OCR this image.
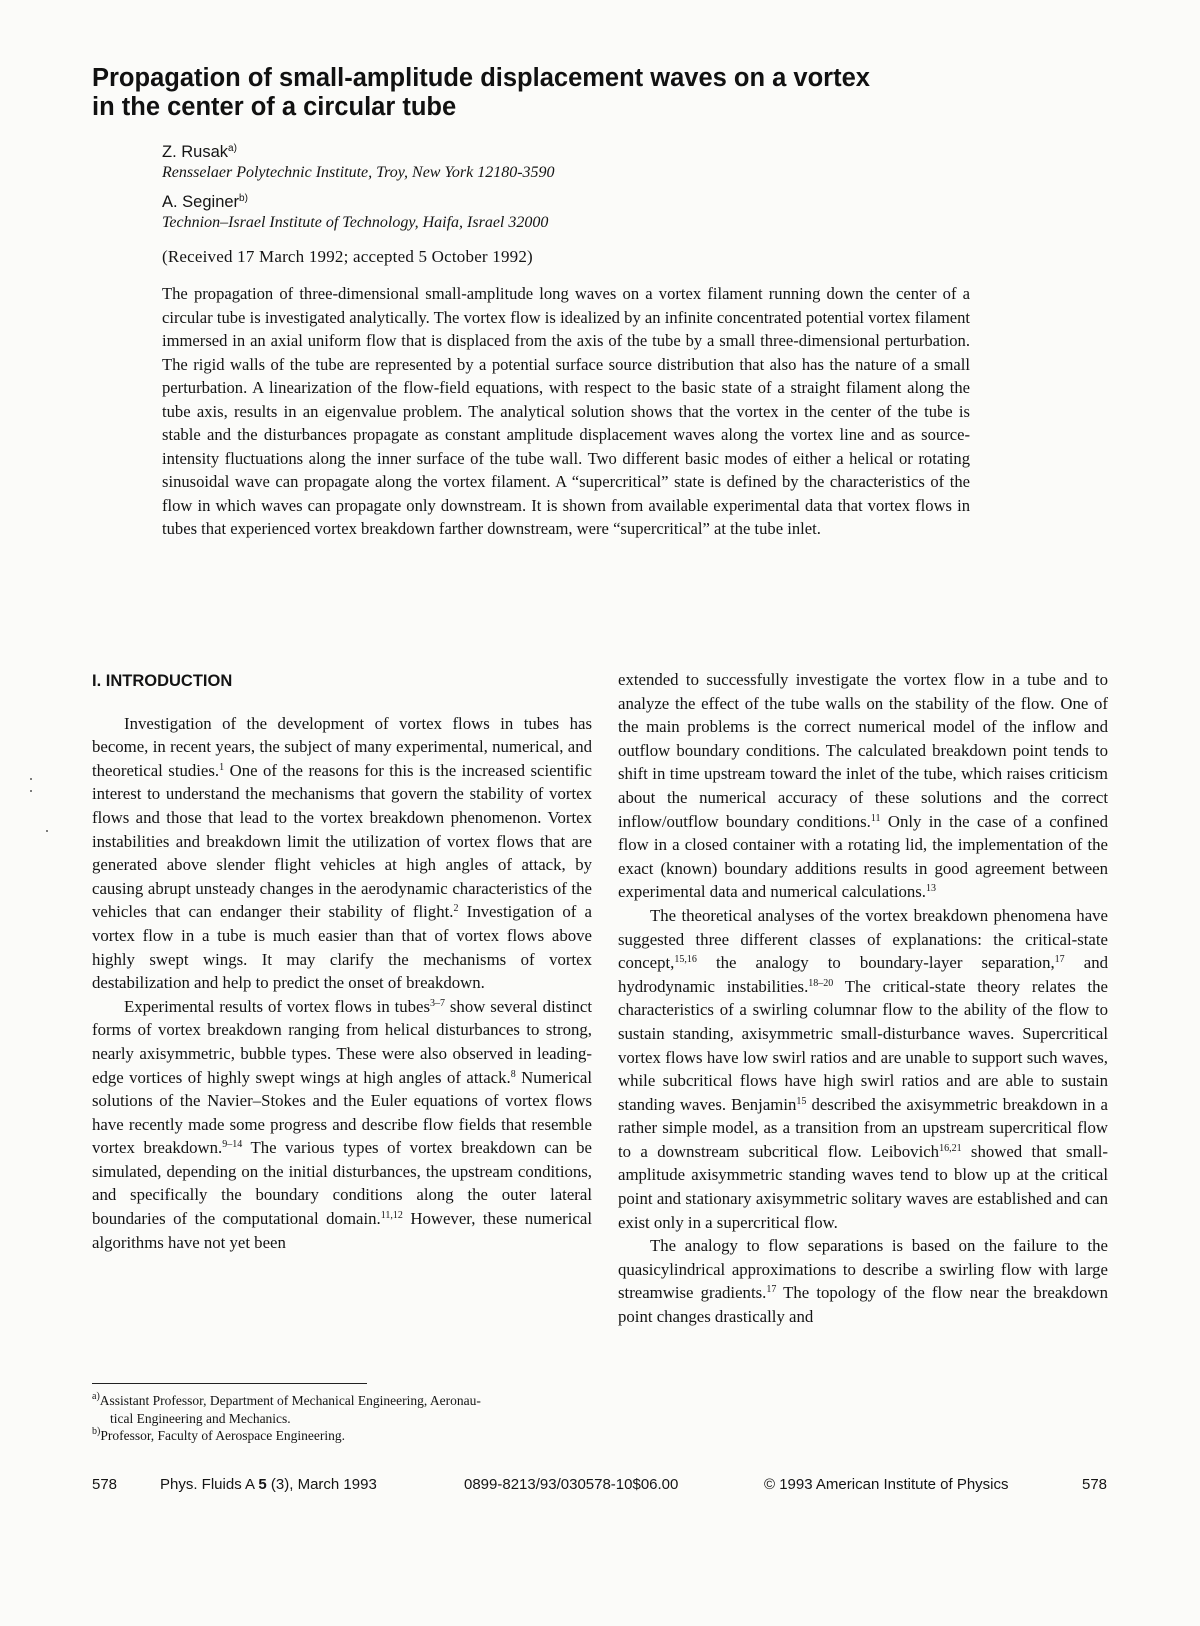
Propagation of small-amplitude displacement waves on a vortex
in the center of a circular tube
Z. Rusak$^{a)}$
Rensselaer Polytechnic Institute, Troy, New York 12180-3590
A. Seginer$^{b)}$
Technion–Israel Institute of Technology, Haifa, Israel 32000
(Received 17 March 1992; accepted 5 October 1992)
The propagation of three-dimensional small-amplitude long waves on a vortex filament running down the center of a circular tube is investigated analytically. The vortex flow is idealized by an infinite concentrated potential vortex filament immersed in an axial uniform flow that is displaced from the axis of the tube by a small three-dimensional perturbation. The rigid walls of the tube are represented by a potential surface source distribution that also has the nature of a small perturbation. A linearization of the flow-field equations, with respect to the basic state of a straight filament along the tube axis, results in an eigenvalue problem. The analytical solution shows that the vortex in the center of the tube is stable and the disturbances propagate as constant amplitude displacement waves along the vortex line and as source-intensity fluctuations along the inner surface of the tube wall. Two different basic modes of either a helical or rotating sinusoidal wave can propagate along the vortex filament. A “supercritical” state is defined by the characteristics of the flow in which waves can propagate only downstream. It is shown from available experimental data that vortex flows in tubes that experienced vortex breakdown farther downstream, were “supercritical” at the tube inlet.
I. INTRODUCTION

Investigation of the development of vortex flows in tubes has become, in recent years, the subject of many experimental, numerical, and theoretical studies.$^1$ One of the reasons for this is the increased scientific interest to understand the mechanisms that govern the stability of vortex flows and those that lead to the vortex breakdown phenomenon. Vortex instabilities and breakdown limit the utilization of vortex flows that are generated above slender flight vehicles at high angles of attack, by causing abrupt unsteady changes in the aerodynamic characteristics of the vehicles that can endanger their stability of flight.$^2$ Investigation of a vortex flow in a tube is much easier than that of vortex flows above highly swept wings. It may clarify the mechanisms of vortex destabilization and help to predict the onset of breakdown.

Experimental results of vortex flows in tubes$^{3-7}$ show several distinct forms of vortex breakdown ranging from helical disturbances to strong, nearly axisymmetric, bubble types. These were also observed in leading-edge vortices of highly swept wings at high angles of attack.$^8$ Numerical solutions of the Navier–Stokes and the Euler equations of vortex flows have recently made some progress and describe flow fields that resemble vortex breakdown.$^{9-14}$ The various types of vortex breakdown can be simulated, depending on the initial disturbances, the upstream conditions, and specifically the boundary conditions along the outer lateral boundaries of the computational domain.$^{11,12}$ However, these numerical algorithms have not yet been

extended to successfully investigate the vortex flow in a tube and to analyze the effect of the tube walls on the stability of the flow. One of the main problems is the correct numerical model of the inflow and outflow boundary conditions. The calculated breakdown point tends to shift in time upstream toward the inlet of the tube, which raises criticism about the numerical accuracy of these solutions and the correct inflow/outflow boundary conditions.$^{11}$ Only in the case of a confined flow in a closed container with a rotating lid, the implementation of the exact (known) boundary additions results in good agreement between experimental data and numerical calculations.$^{13}$

The theoretical analyses of the vortex breakdown phenomena have suggested three different classes of explanations: the critical-state concept,$^{15,16}$ the analogy to boundary-layer separation,$^{17}$ and hydrodynamic instabilities.$^{18-20}$ The critical-state theory relates the characteristics of a swirling columnar flow to the ability of the flow to sustain standing, axisymmetric small-disturbance waves. Supercritical vortex flows have low swirl ratios and are unable to support such waves, while subcritical flows have high swirl ratios and are able to sustain standing waves. Benjamin$^{15}$ described the axisymmetric breakdown in a rather simple model, as a transition from an upstream supercritical flow to a downstream subcritical flow. Leibovich$^{16,21}$ showed that small-amplitude axisymmetric standing waves tend to blow up at the critical point and stationary axisymmetric solitary waves are established and can exist only in a supercritical flow.

The analogy to flow separations is based on the failure to the quasicylindrical approximations to describe a swirling flow with large streamwise gradients.$^{17}$ The topology of the flow near the breakdown point changes drastically and

$^{a)}$Assistant Professor, Department of Mechanical Engineering, Aeronau-

tical Engineering and Mechanics.

$^{b)}$Professor, Faculty of Aerospace Engineering.

578	Phys. Fluids A 5 (3), March 1993	0899-8213/93/030578-10$06.00	© 1993 American Institute of Physics	578
